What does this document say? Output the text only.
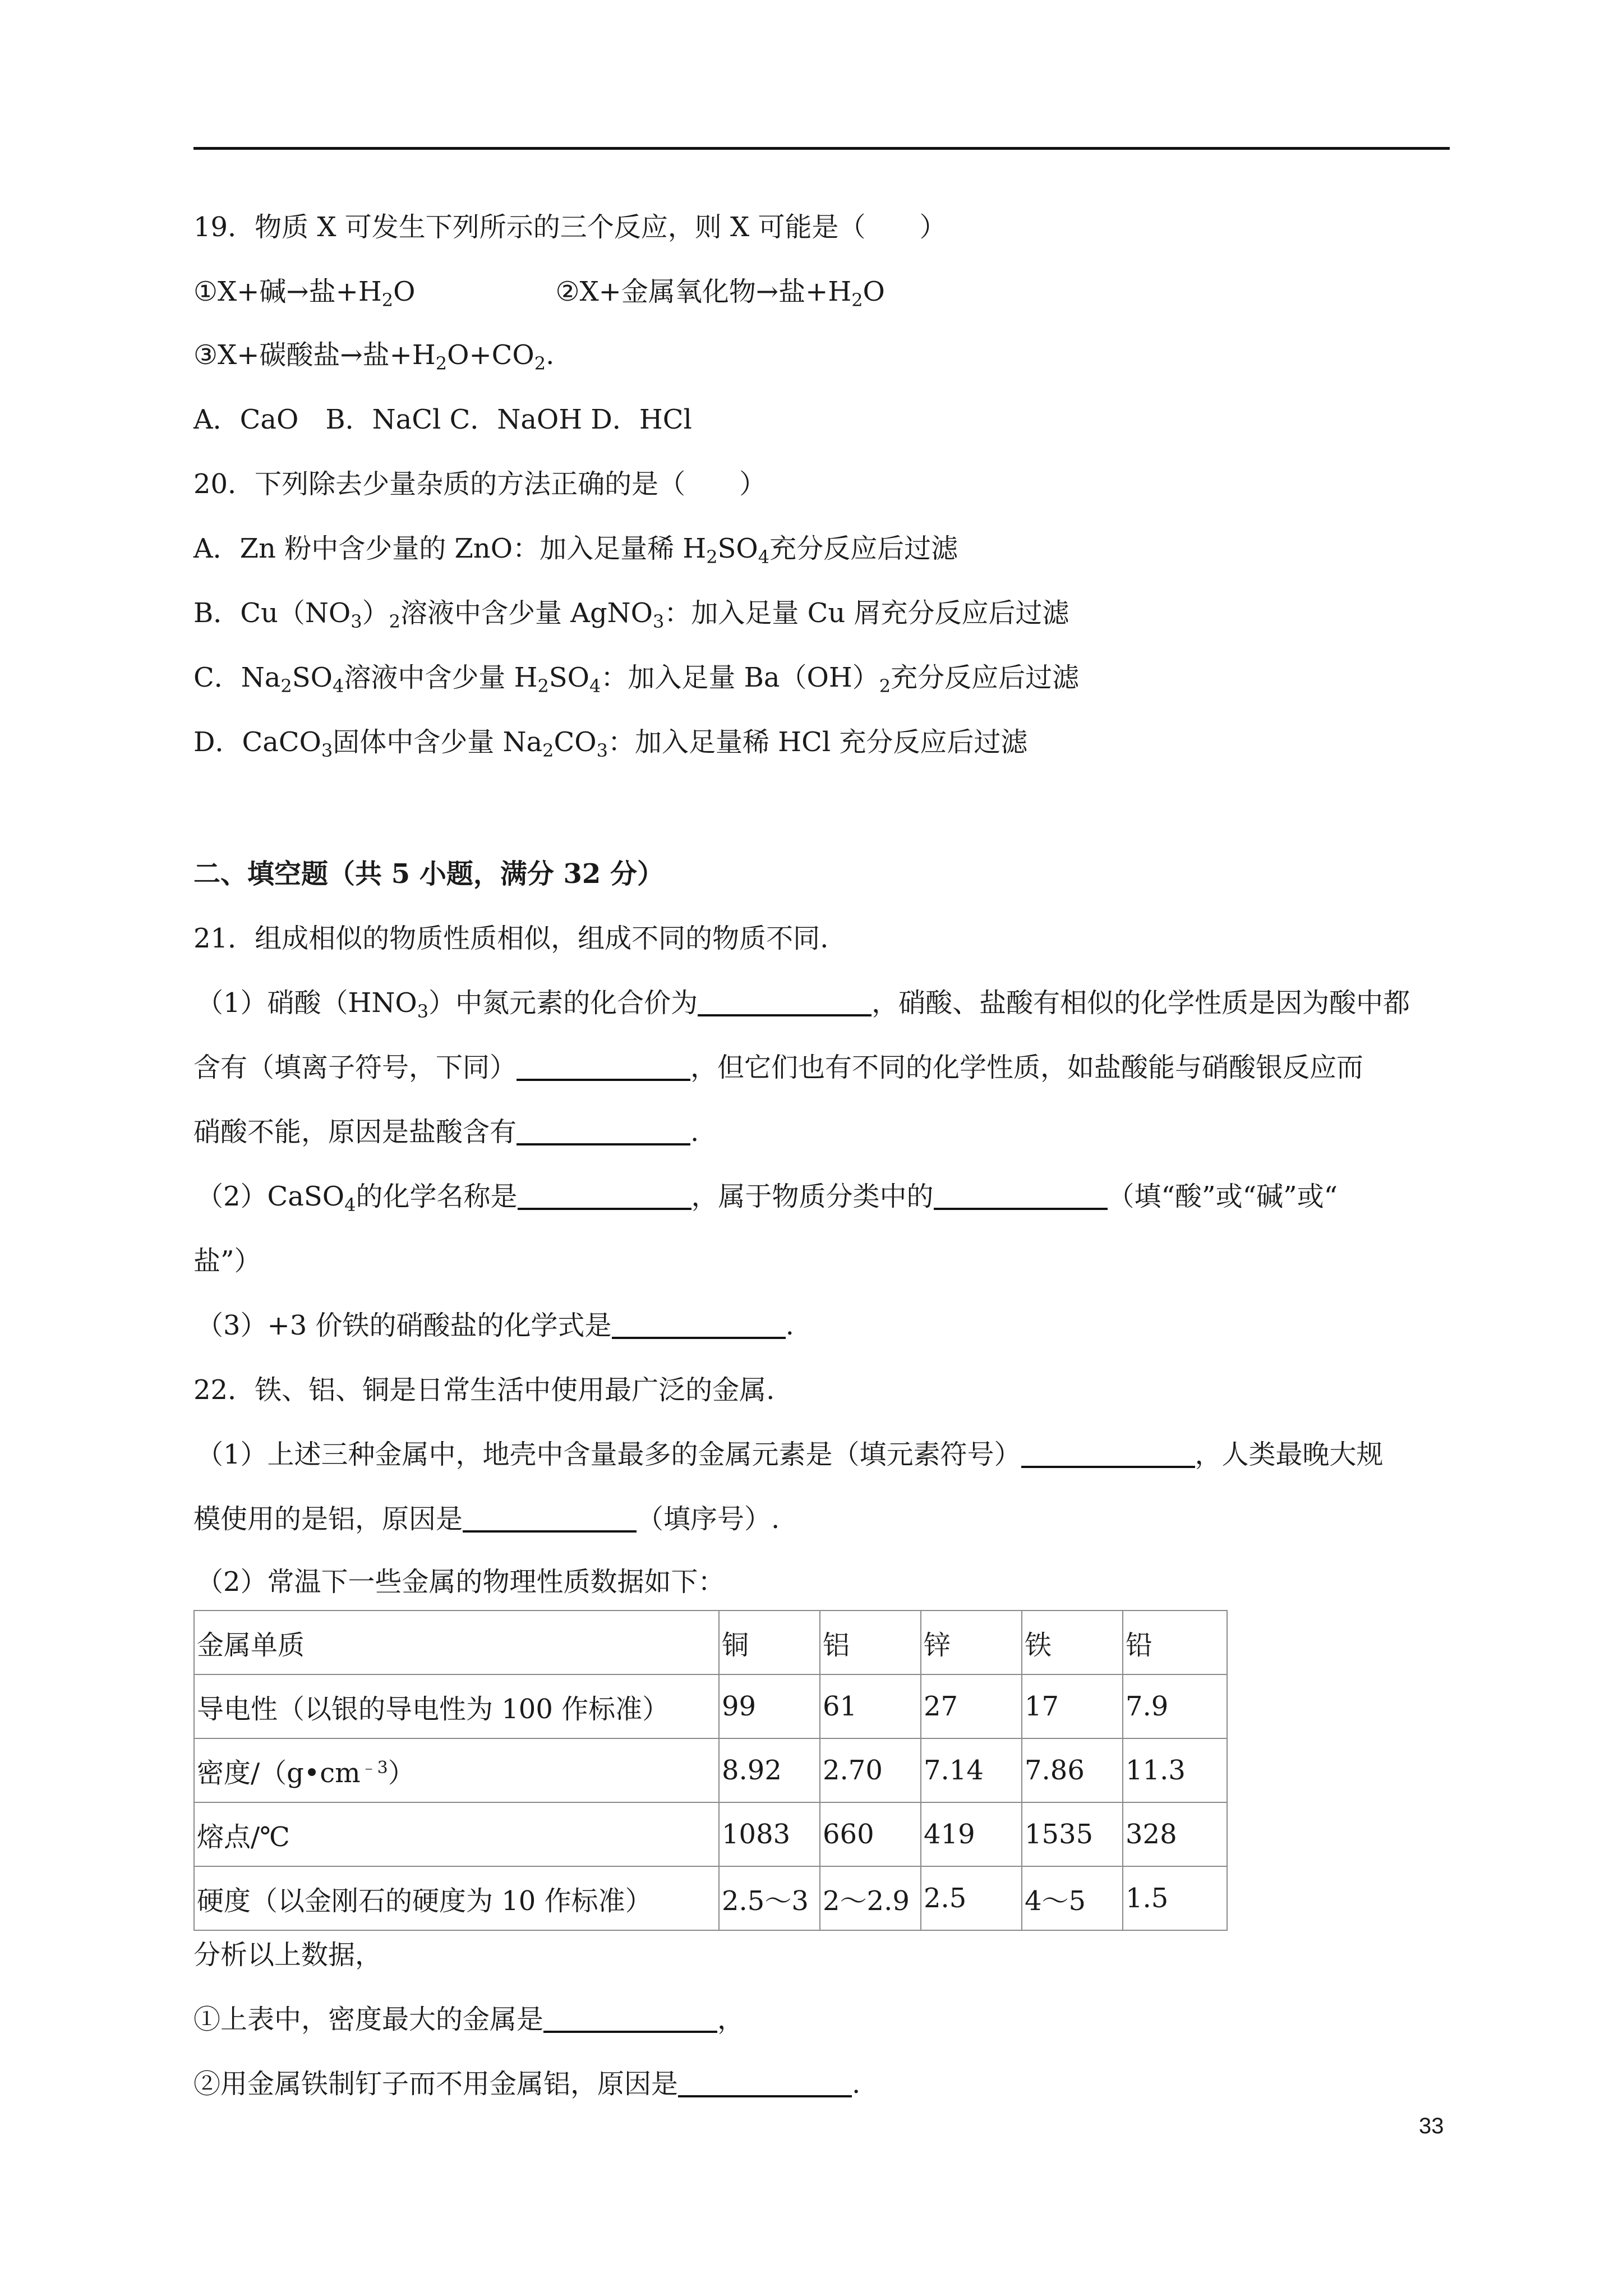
19．物质 X 可发生下列所示的三个反应，则 X 可能是（　　）
①X+碱→盐$+H_2O$	②X+金属氧化物→盐$+H_2O$
③X+碳酸盐→盐$+H_2O+CO_2$.
A．CaO　B．NaCl C．NaOH D．HCl
20．下列除去少量杂质的方法正确的是（　　）
A．Zn 粉中含少量的 ZnO：加入足量稀 $H_2SO_4$充分反应后过滤
B．$Cu(NO_3)_2$溶液中含少量 AgNO$_3$：加入足量 Cu 屑充分反应后过滤
C．$Na_2SO_4$溶液中含少量 $H_2SO_4$：加入足量 $Ba(OH)_2$充分反应后过滤
D．CaCO$_3$固体中含少量 $Na_2CO_3$：加入足量稀 HCl 充分反应后过滤
二、填空题（共 5 小题，满分 32 分）
21．组成相似的物质性质相似，组成不同的物质不同.
（1）硝酸$(HNO_3)$中氮元素的化合价为	，硝酸、盐酸有相似的化学性质是因为酸中都
含有（填离子符号，下同）	，但它们也有不同的化学性质，如盐酸能与硝酸银反应而
硝酸不能，原因是盐酸含有	.
（2）CaSO$_4$的化学名称是	，属于物质分类中的	（填“酸”或“碱”或“
盐”）
（3）+3 价铁的硝酸盐的化学式是	.
22．铁、铝、铜是日常生活中使用最广泛的金属.
（1）上述三种金属中，地壳中含量最多的金属元素是（填元素符号）	，人类最晚大规
模使用的是铝，原因是	（填序号）.
（2）常温下一些金属的物理性质数据如下：
金属单质	铜	铝	锌	铁	铅
导电性（以银的导电性为 100 作标准）	99	61	27	17	7.9
密度$/(g•cm^{﹣3})$	8.92	2.70	7.14	7.86	11.3
熔点/℃	1083	660	419	1535	328
硬度（以金刚石的硬度为 10 作标准）	2.5～3	2～2.9	2.5	4～5	1.5
分析以上数据，
①上表中，密度最大的金属是	，
②用金属铁制钉子而不用金属铝，原因是	.
33
